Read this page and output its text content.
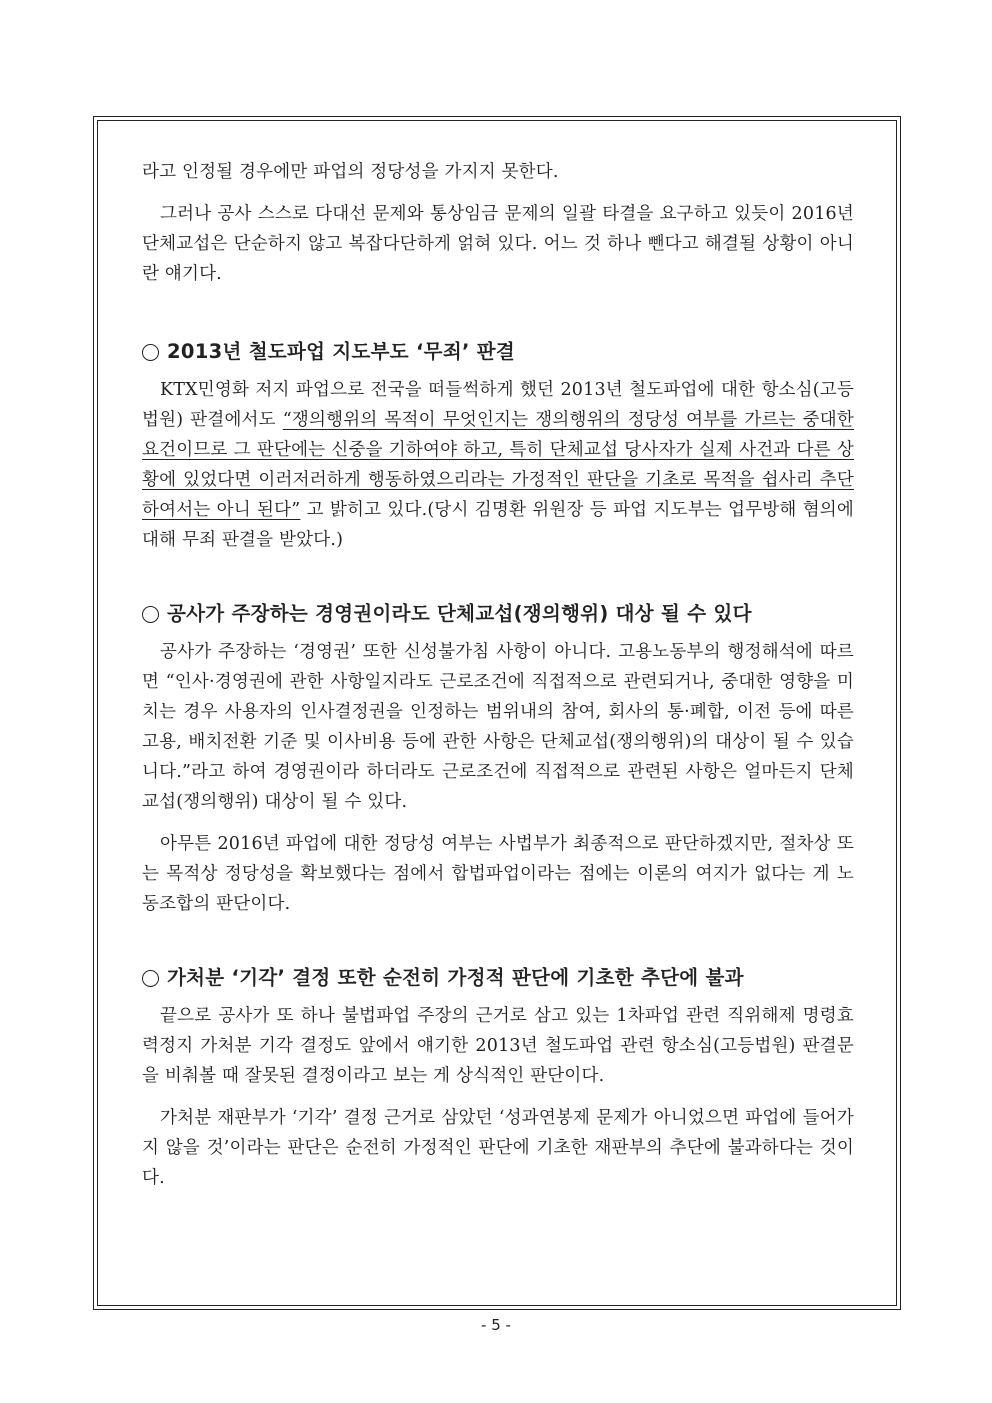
라고 인정될 경우에만 파업의 정당성을 가지지 못한다.

그러나 공사 스스로 다대선 문제와 통상임금 문제의 일괄 타결을 요구하고 있듯이 2016년 단체교섭은 단순하지 않고 복잡다단하게 얽혀 있다. 어느 것 하나 뺀다고 해결될 상황이 아니란 얘기다.

2013년 철도파업 지도부도 ‘무죄’ 판결

KTX민영화 저지 파업으로 전국을 떠들썩하게 했던 2013년 철도파업에 대한 항소심(고등법원) 판결에서도 “쟁의행위의 목적이 무엇인지는 쟁의행위의 정당성 여부를 가르는 중대한 요건이므로 그 판단에는 신중을 기하여야 하고, 특히 단체교섭 당사자가 실제 사건과 다른 상황에 있었다면 이러저러하게 행동하였으리라는 가정적인 판단을 기초로 목적을 쉽사리 추단하여서는 아니 된다” 고 밝히고 있다.(당시 김명환 위원장 등 파업 지도부는 업무방해 혐의에 대해 무죄 판결을 받았다.)

공사가 주장하는 경영권이라도 단체교섭(쟁의행위) 대상 될 수 있다

공사가 주장하는 ‘경영권’ 또한 신성불가침 사항이 아니다. 고용노동부의 행정해석에 따르면 “인사·경영권에 관한 사항일지라도 근로조건에 직접적으로 관련되거나, 중대한 영향을 미치는 경우 사용자의 인사결정권을 인정하는 범위내의 참여, 회사의 통·폐합, 이전 등에 따른 고용, 배치전환 기준 및 이사비용 등에 관한 사항은 단체교섭(쟁의행위)의 대상이 될 수 있습니다.”라고 하여 경영권이라 하더라도 근로조건에 직접적으로 관련된 사항은 얼마든지 단체교섭(쟁의행위) 대상이 될 수 있다.

아무튼 2016년 파업에 대한 정당성 여부는 사법부가 최종적으로 판단하겠지만, 절차상 또는 목적상 정당성을 확보했다는 점에서 합법파업이라는 점에는 이론의 여지가 없다는 게 노동조합의 판단이다.

가처분 ‘기각’ 결정 또한 순전히 가정적 판단에 기초한 추단에 불과

끝으로 공사가 또 하나 불법파업 주장의 근거로 삼고 있는 1차파업 관련 직위해제 명령효력정지 가처분 기각 결정도 앞에서 얘기한 2013년 철도파업 관련 항소심(고등법원) 판결문을 비춰볼 때 잘못된 결정이라고 보는 게 상식적인 판단이다.

가처분 재판부가 ‘기각’ 결정 근거로 삼았던 ‘성과연봉제 문제가 아니었으면 파업에 들어가지 않을 것’이라는 판단은 순전히 가정적인 판단에 기초한 재판부의 추단에 불과하다는 것이다.

- 5 -
